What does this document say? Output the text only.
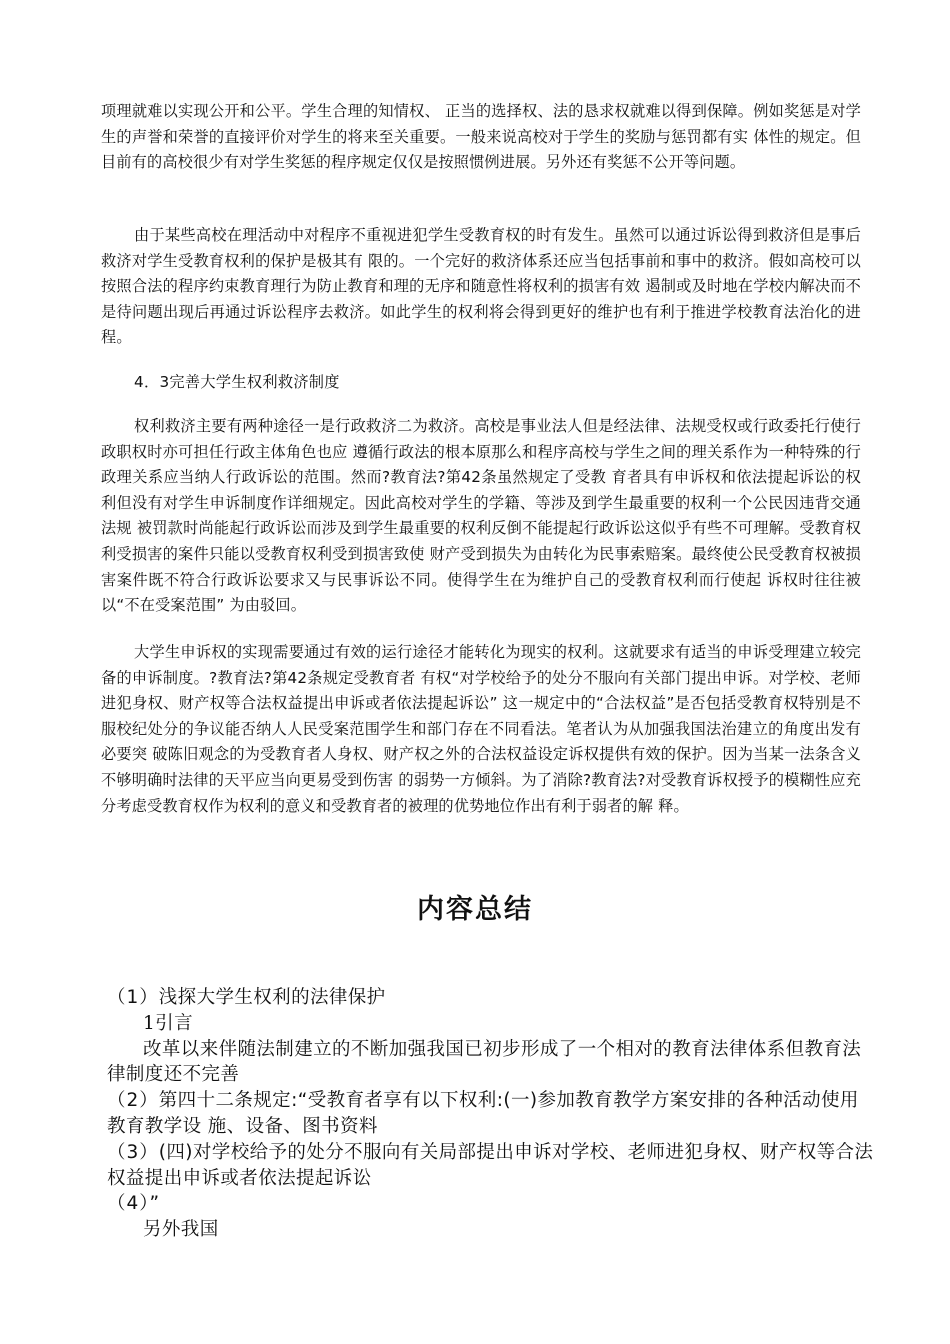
项理就难以实现公开和公平。学生合理的知情权、 正当的选择权、法的恳求权就难以得到保障。例如奖惩是对学生的声誉和荣誉的直接评价对学生的将来至关重要。一般来说高校对于学生的奖励与惩罚都有实 体性的规定。但目前有的高校很少有对学生奖惩的程序规定仅仅是按照惯例进展。另外还有奖惩不公开等问题。

由于某些高校在理活动中对程序不重视进犯学生受教育权的时有发生。虽然可以通过诉讼得到救济但是事后救济对学生受教育权利的保护是极其有 限的。一个完好的救济体系还应当包括事前和事中的救济。假如高校可以按照合法的程序约束教育理行为防止教育和理的无序和随意性将权利的损害有效 遏制或及时地在学校内解决而不是待问题出现后再通过诉讼程序去救济。如此学生的权利将会得到更好的维护也有利于推进学校教育法治化的进程。

4．3完善大学生权利救济制度

权利救济主要有两种途径一是行政救济二为救济。高校是事业法人但是经法律、法规受权或行政委托行使行政职权时亦可担任行政主体角色也应 遵循行政法的根本原那么和程序高校与学生之间的理关系作为一种特殊的行政理关系应当纳人行政诉讼的范围。然而?教育法?第42条虽然规定了受教 育者具有申诉权和依法提起诉讼的权利但没有对学生申诉制度作详细规定。因此高校对学生的学籍、等涉及到学生最重要的权利一个公民因违背交通法规 被罚款时尚能起行政诉讼而涉及到学生最重要的权利反倒不能提起行政诉讼这似乎有些不可理解。受教育权利受损害的案件只能以受教育权利受到损害致使 财产受到损失为由转化为民事索赔案。最终使公民受教育权被损害案件既不符合行政诉讼要求又与民事诉讼不同。使得学生在为维护自己的受教育权利而行使起 诉权时往往被以“不在受案范围” 为由驳回。

大学生申诉权的实现需要通过有效的运行途径才能转化为现实的权利。这就要求有适当的申诉受理建立较完备的申诉制度。?教育法?第42条规定受教育者 有权“对学校给予的处分不服向有关部门提出申诉。对学校、老师进犯身权、财产权等合法权益提出申诉或者依法提起诉讼” 这一规定中的“合法权益”是否包括受教育权特别是不服校纪处分的争议能否纳人人民受案范围学生和部门存在不同看法。笔者认为从加强我国法治建立的角度出发有必要突 破陈旧观念的为受教育者人身权、财产权之外的合法权益设定诉权提供有效的保护。因为当某一法条含义不够明确时法律的天平应当向更易受到伤害 的弱势一方倾斜。为了消除?教育法?对受教育诉权授予的模糊性应充分考虑受教育权作为权利的意义和受教育者的被理的优势地位作出有利于弱者的解 释。

内容总结
（1）浅探大学生权利的法律保护
1引言
改革以来伴随法制建立的不断加强我国已初步形成了一个相对的教育法律体系但教育法律制度还不完善
（2）第四十二条规定:“受教育者享有以下权利:(一)参加教育教学方案安排的各种活动使用教育教学设 施、设备、图书资料
（3）(四)对学校给予的处分不服向有关局部提出申诉对学校、老师进犯身权、财产权等合法权益提出申诉或者依法提起诉讼
（4）”
另外我国
